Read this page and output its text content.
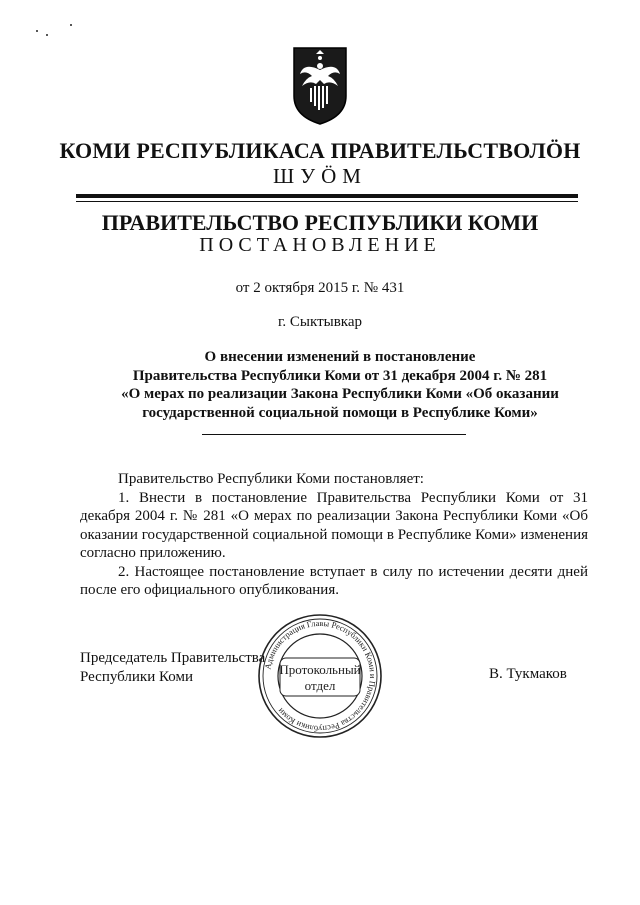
КОМИ РЕСПУБЛИКАСА ПРАВИТЕЛЬСТВОЛÖН
ШУÖМ
ПРАВИТЕЛЬСТВО РЕСПУБЛИКИ КОМИ
ПОСТАНОВЛЕНИЕ
от 2 октября 2015 г. № 431
г. Сыктывкар
О внесении изменений в постановление
Правительства Республики Коми от 31 декабря 2004 г. № 281
«О мерах по реализации Закона Республики Коми «Об оказании
государственной социальной помощи в Республике Коми»

Правительство Республики Коми постановляет:

1. Внести в постановление Правительства Республики Коми от 31 декабря 2004 г. № 281 «О мерах по реализации Закона Республики Коми «Об оказании государственной социальной помощи в Республике Коми» изменения согласно приложению.

2. Настоящее постановление вступает в силу по истечении десяти дней после его официального опубликования.

Председатель Правительства
Республики Коми	В. Тукмаков
Администрация Главы Республики Коми и Правительства Республики Коми
Протокольный
отдел
